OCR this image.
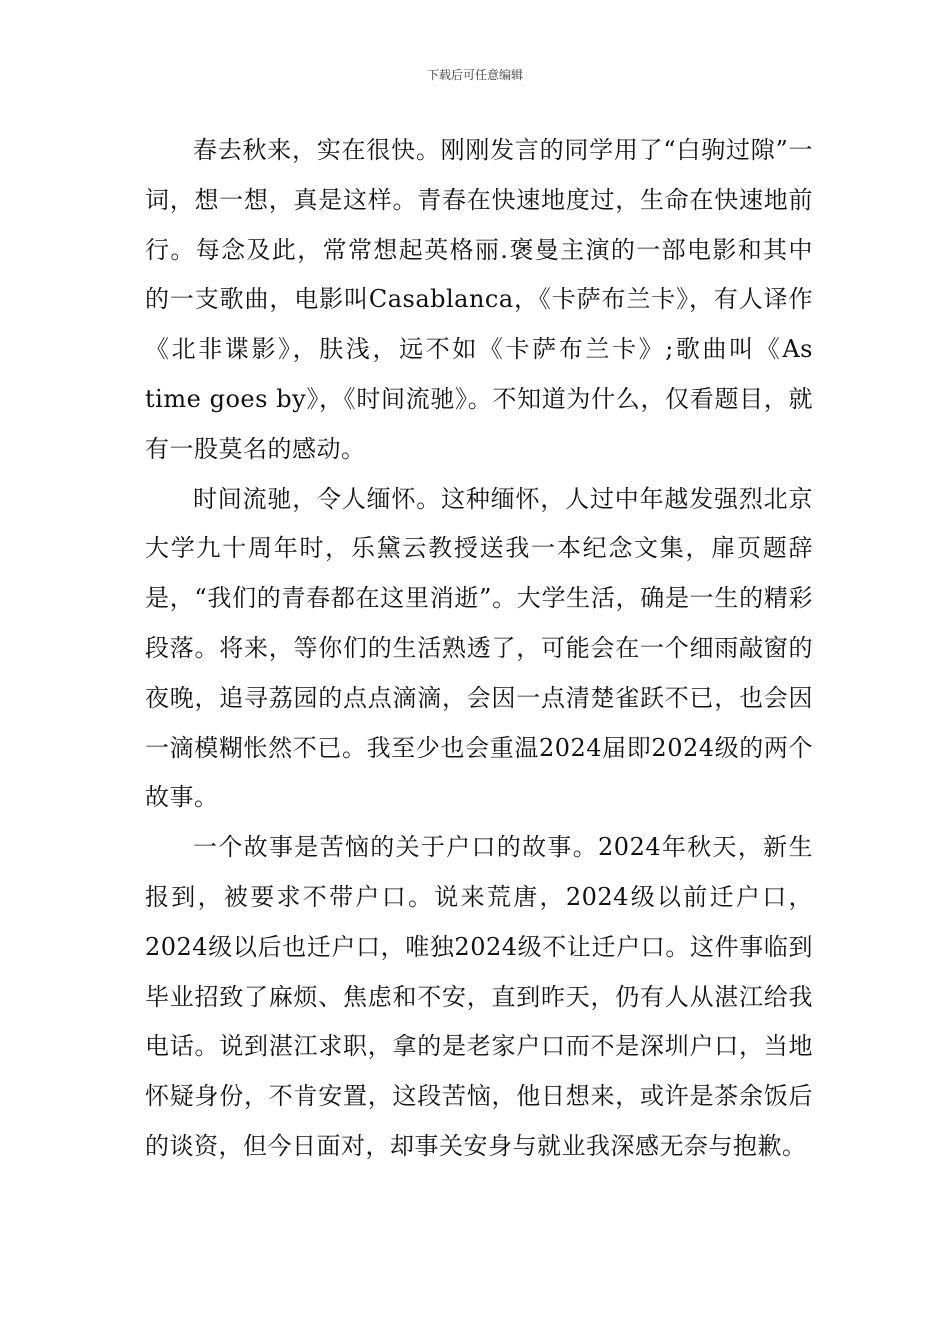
下载后可任意编辑

春去秋来，实在很快。刚刚发言的同学用了“白驹过隙”一词，想一想，真是这样。青春在快速地度过，生命在快速地前行。每念及此，常常想起英格丽.褒曼主演的一部电影和其中的一支歌曲，电影叫Casablanca，《卡萨布兰卡》，有人译作《北非谍影》，肤浅，远不如《卡萨布兰卡》;歌曲叫《As time goes by》，《时间流驰》。不知道为什么，仅看题目，就有一股莫名的感动。

时间流驰，令人缅怀。这种缅怀，人过中年越发强烈北京大学九十周年时，乐黛云教授送我一本纪念文集，扉页题辞是，“我们的青春都在这里消逝”。大学生活，确是一生的精彩段落。将来，等你们的生活熟透了，可能会在一个细雨敲窗的夜晚，追寻荔园的点点滴滴，会因一点清楚雀跃不已，也会因一滴模糊怅然不已。我至少也会重温2024届即2024级的两个故事。

一个故事是苦恼的关于户口的故事。2024年秋天，新生报到，被要求不带户口。说来荒唐，2024级以前迁户口，2024级以后也迁户口，唯独2024级不让迁户口。这件事临到毕业招致了麻烦、焦虑和不安，直到昨天，仍有人从湛江给我电话。说到湛江求职，拿的是老家户口而不是深圳户口，当地怀疑身份，不肯安置，这段苦恼，他日想来，或许是茶余饭后的谈资，但今日面对，却事关安身与就业我深感无奈与抱歉。
